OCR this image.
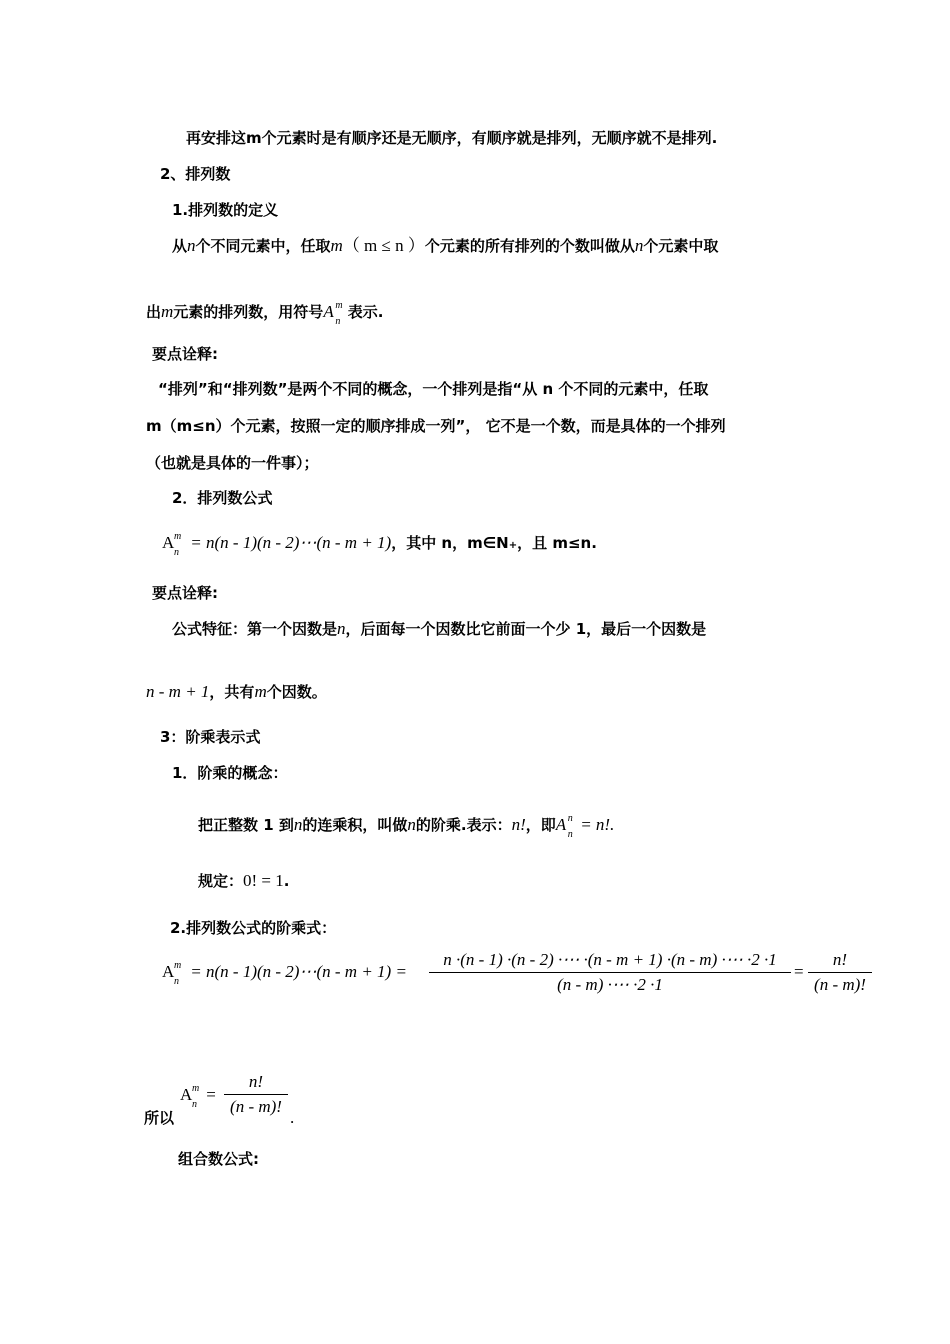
再安排这m个元素时是有顺序还是无顺序，有顺序就是排列，无顺序就不是排列.
2、排列数
1.排列数的定义
从n个不同元素中，任取m（ m ≤ n ）个元素的所有排列的个数叫做从n个元素中取
出m元素的排列数，用符号A m
n
表示.
要点诠释:
“排列”和“排列数”是两个不同的概念，一个排列是指“从 n 个不同的元素中，任取
m（m≤n）个元素，按照一定的顺序排成一列”， 它不是一个数，而是具体的一个排列
（也就是具体的一件事）；
2．排列数公式
A m
n
= n(n - 1)(n - 2)⋯(n - m + 1)，其中 n，m∈N+，且 m≤n.
要点诠释:
公式特征：第一个因数是n，后面每一个因数比它前面一个少 1，最后一个因数是
n - m + 1，共有m个因数。
3：阶乘表示式
1．阶乘的概念：
把正整数 1 到n的连乘积，叫做n的阶乘.表示：n!，即A n
n
= n!.
规定：0! = 1.
2.排列数公式的阶乘式：
A m
n
= n(n - 1)(n - 2)⋯(n - m + 1) =
n ·(n - 1) ·(n - 2) ·⋯ ·(n - m + 1) ·(n - m) ·⋯ ·2 ·1
(n - m) ·⋯ ·2 ·1
=
n!
(n - m)!
所以
A m
n
=
n!
(n - m)!
.
组合数公式:
